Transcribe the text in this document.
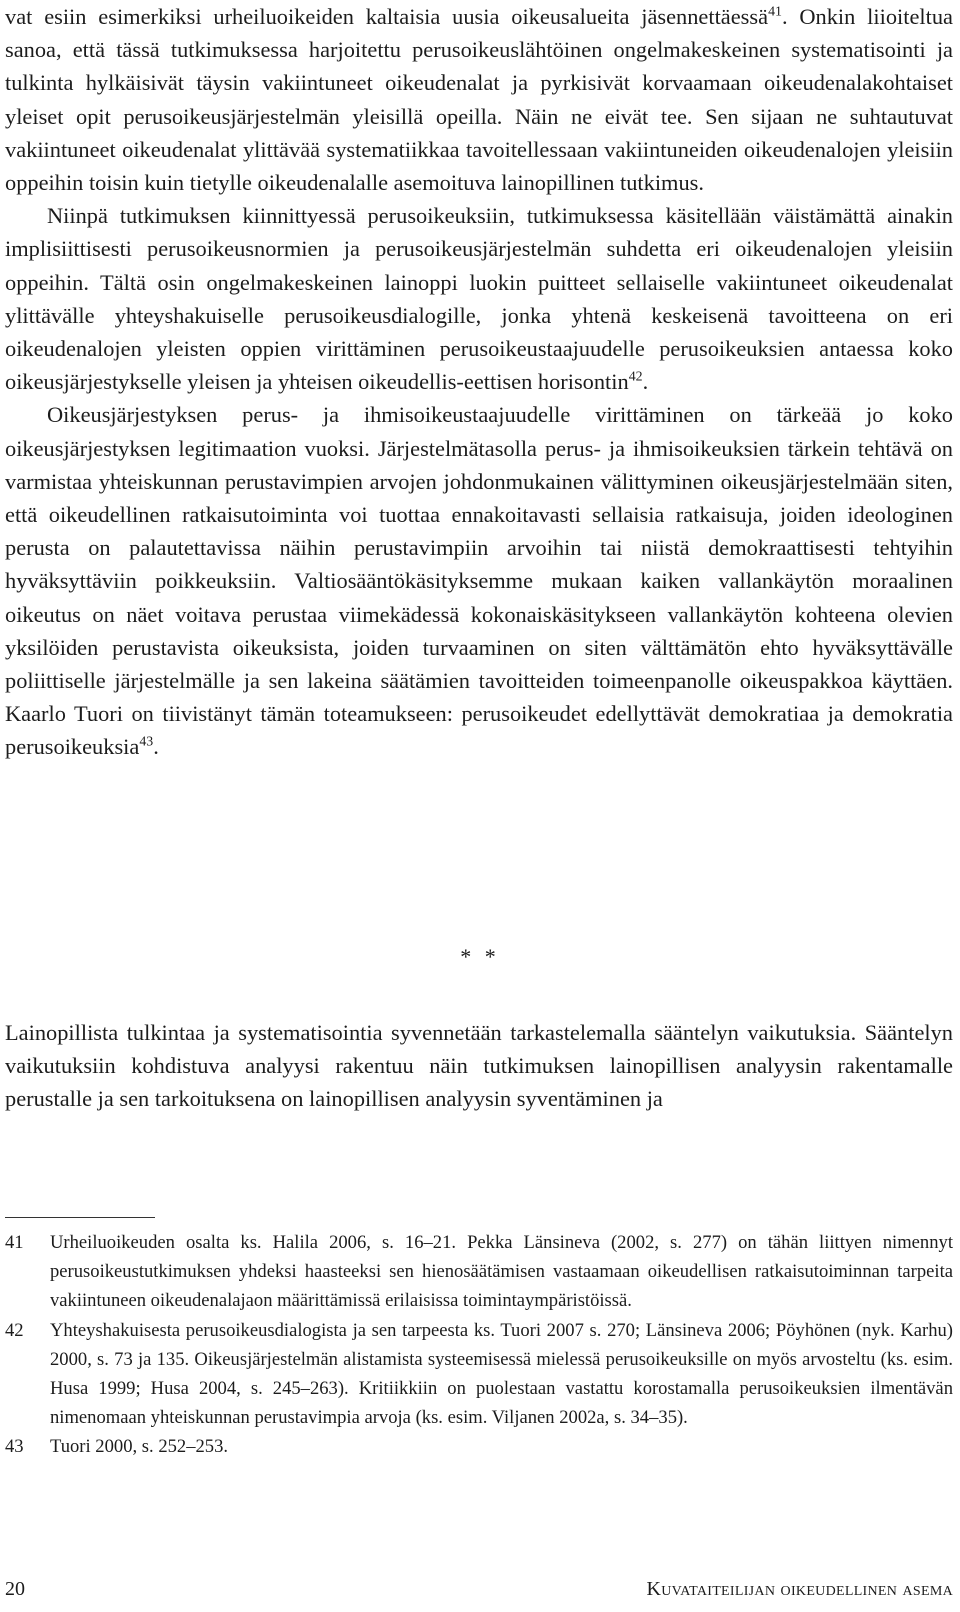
vat esiin esimerkiksi urheiluoikeiden kaltaisia uusia oikeusalueita jäsennettäessä$^{41}$. Onkin liioiteltua sanoa, että tässä tutkimuksessa harjoitettu perusoikeuslähtöinen ongelmakeskeinen systematisointi ja tulkinta hylkäisivät täysin vakiintuneet oikeudenalat ja pyrkisivät korvaamaan oikeudenalakohtaiset yleiset opit perusoikeusjärjestelmän yleisillä opeilla. Näin ne eivät tee. Sen sijaan ne suhtautuvat vakiintuneet oikeudenalat ylittävää systematiikkaa tavoitellessaan vakiintuneiden oikeudenalojen yleisiin oppeihin toisin kuin tietylle oikeudenalalle asemoituva lainopillinen tutkimus.

Niinpä tutkimuksen kiinnittyessä perusoikeuksiin, tutkimuksessa käsitellään väistämättä ainakin implisiittisesti perusoikeusnormien ja perusoikeusjärjestelmän suhdetta eri oikeudenalojen yleisiin oppeihin. Tältä osin ongelmakeskeinen lainoppi luokin puitteet sellaiselle vakiintuneet oikeudenalat ylittävälle yhteyshakuiselle perusoikeusdialogille, jonka yhtenä keskeisenä tavoitteena on eri oikeudenalojen yleisten oppien virittäminen perusoikeustaajuudelle perusoikeuksien antaessa koko oikeusjärjestykselle yleisen ja yhteisen oikeudellis-eettisen horisontin$^{42}$.

Oikeusjärjestyksen perus- ja ihmisoikeustaajuudelle virittäminen on tärkeää jo koko oikeusjärjestyksen legitimaation vuoksi. Järjestelmätasolla perus- ja ihmisoikeuksien tärkein tehtävä on varmistaa yhteiskunnan perustavimpien arvojen johdonmukainen välittyminen oikeusjärjestelmään siten, että oikeudellinen ratkaisutoiminta voi tuottaa ennakoitavasti sellaisia ratkaisuja, joiden ideologinen perusta on palautettavissa näihin perustavimpiin arvoihin tai niistä demokraattisesti tehtyihin hyväksyttäviin poikkeuksiin. Valtiosääntökäsityksemme mukaan kaiken vallankäytön moraalinen oikeutus on näet voitava perustaa viimekädessä kokonaiskäsitykseen vallankäytön kohteena olevien yksilöiden perustavista oikeuksista, joiden turvaaminen on siten välttämätön ehto hyväksyttävälle poliittiselle järjestelmälle ja sen lakeina säätämien tavoitteiden toimeenpanolle oikeuspakkoa käyttäen. Kaarlo Tuori on tiivistänyt tämän toteamukseen: perusoikeudet edellyttävät demokratiaa ja demokratia perusoikeuksia$^{43}$.

* *

Lainopillista tulkintaa ja systematisointia syvennetään tarkastelemalla sääntelyn vaikutuksia. Sääntelyn vaikutuksiin kohdistuva analyysi rakentuu näin tutkimuksen lainopillisen analyysin rakentamalle perustalle ja sen tarkoituksena on lainopillisen analyysin syventäminen ja

41	Urheiluoikeuden osalta ks. Halila 2006, s. 16–21. Pekka Länsineva (2002, s. 277) on tähän liittyen nimennyt perusoikeustutkimuksen yhdeksi haasteeksi sen hienosäätämisen vastaamaan oikeudellisen ratkaisutoiminnan tarpeita vakiintuneen oikeudenalajaon määrittämissä erilaisissa toimintaympäristöissä.
42	Yhteyshakuisesta perusoikeusdialogista ja sen tarpeesta ks. Tuori 2007 s. 270; Länsineva 2006; Pöyhönen (nyk. Karhu) 2000, s. 73 ja 135. Oikeusjärjestelmän alistamista systeemisessä mielessä perusoikeuksille on myös arvosteltu (ks. esim. Husa 1999; Husa 2004, s. 245–263). Kritiikkiin on puolestaan vastattu korostamalla perusoikeuksien ilmentävän nimenomaan yhteiskunnan perustavimpia arvoja (ks. esim. Viljanen 2002a, s. 34–35).
43	Tuori 2000, s. 252–253.
20	Kuvataiteilijan oikeudellinen asema
